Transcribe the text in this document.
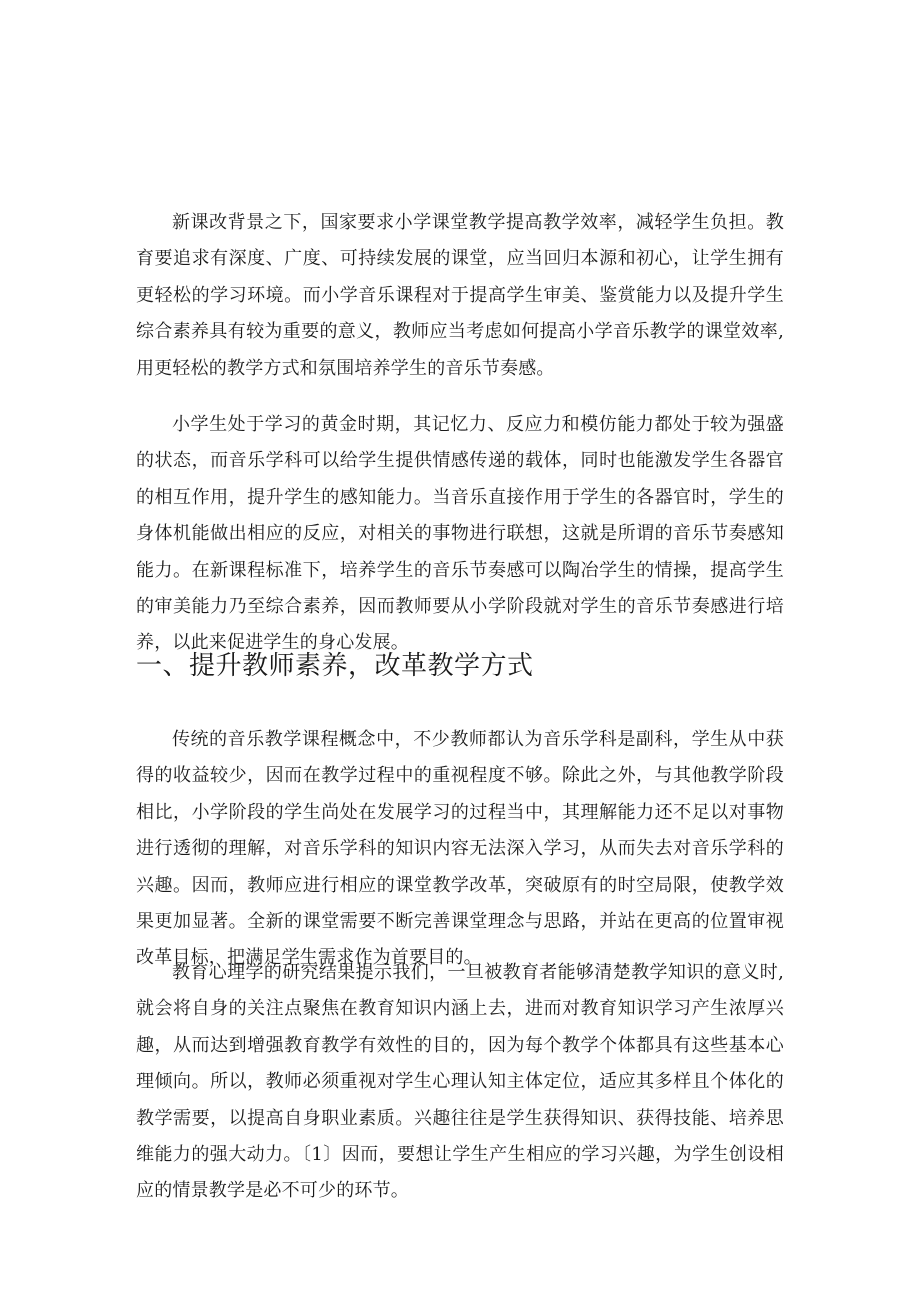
新课改背景之下，国家要求小学课堂教学提高教学效率，减轻学生负担。教育要追求有深度、广度、可持续发展的课堂，应当回归本源和初心，让学生拥有更轻松的学习环境。而小学音乐课程对于提高学生审美、鉴赏能力以及提升学生综合素养具有较为重要的意义，教师应当考虑如何提高小学音乐教学的课堂效率,用更轻松的教学方式和氛围培养学生的音乐节奏感。

小学生处于学习的黄金时期，其记忆力、反应力和模仿能力都处于较为强盛的状态，而音乐学科可以给学生提供情感传递的载体，同时也能激发学生各器官的相互作用，提升学生的感知能力。当音乐直接作用于学生的各器官时，学生的身体机能做出相应的反应，对相关的事物进行联想，这就是所谓的音乐节奏感知能力。在新课程标准下，培养学生的音乐节奏感可以陶冶学生的情操，提高学生的审美能力乃至综合素养，因而教师要从小学阶段就对学生的音乐节奏感进行培养，以此来促进学生的身心发展。

一、提升教师素养，改革教学方式

传统的音乐教学课程概念中，不少教师都认为音乐学科是副科，学生从中获得的收益较少，因而在教学过程中的重视程度不够。除此之外，与其他教学阶段相比，小学阶段的学生尚处在发展学习的过程当中，其理解能力还不足以对事物进行透彻的理解，对音乐学科的知识内容无法深入学习，从而失去对音乐学科的兴趣。因而，教师应进行相应的课堂教学改革，突破原有的时空局限，使教学效果更加显著。全新的课堂需要不断完善课堂理念与思路，并站在更高的位置审视改革目标，把满足学生需求作为首要目的。

教育心理学的研究结果提示我们，一旦被教育者能够清楚教学知识的意义时,就会将自身的关注点聚焦在教育知识内涵上去，进而对教育知识学习产生浓厚兴趣，从而达到增强教育教学有效性的目的，因为每个教学个体都具有这些基本心理倾向。所以，教师必须重视对学生心理认知主体定位，适应其多样且个体化的教学需要，以提高自身职业素质。兴趣往往是学生获得知识、获得技能、培养思维能力的强大动力。〔1〕因而，要想让学生产生相应的学习兴趣，为学生创设相应的情景教学是必不可少的环节。
